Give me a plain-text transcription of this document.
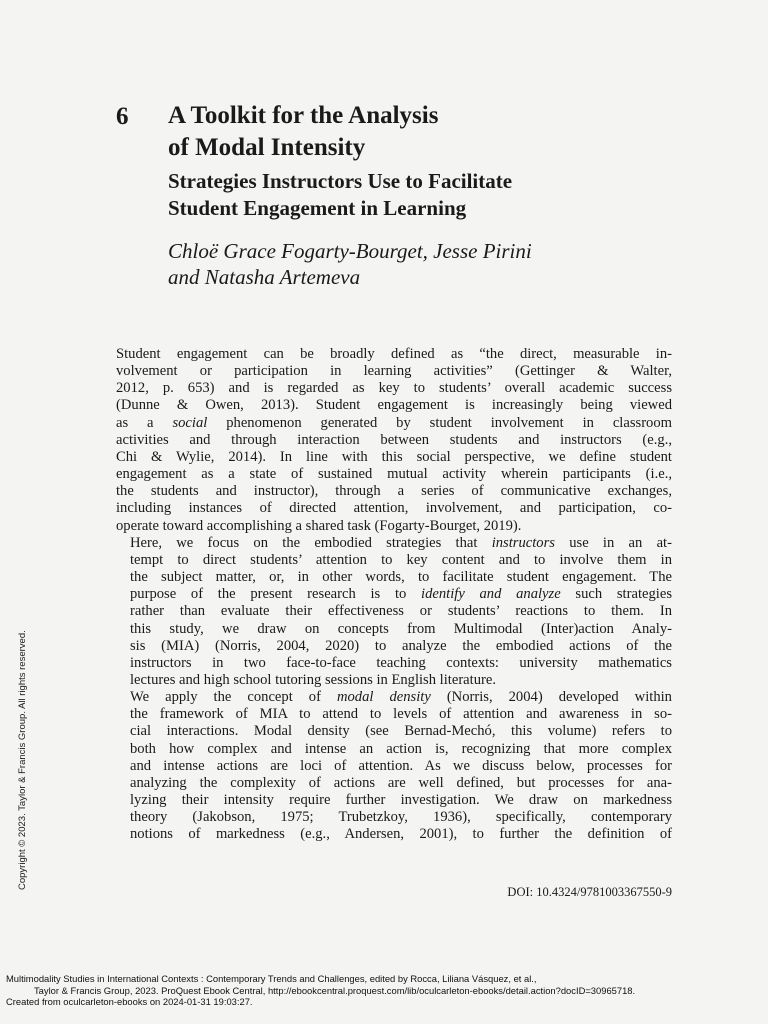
6 A Toolkit for the Analysis
of Modal Intensity
Strategies Instructors Use to Facilitate
Student Engagement in Learning
Chloë Grace Fogarty-Bourget, Jesse Pirini
and Natasha Artemeva

Student engagement can be broadly defined as “the direct, measurable in-
volvement or participation in learning activities” (Gettinger & Walter,
2012, p. 653) and is regarded as key to students’ overall academic success
(Dunne & Owen, 2013). Student engagement is increasingly being viewed
as a social phenomenon generated by student involvement in classroom
activities and through interaction between students and instructors (e.g.,
Chi & Wylie, 2014). In line with this social perspective, we define student
engagement as a state of sustained mutual activity wherein participants (i.e.,
the students and instructor), through a series of communicative exchanges,
including instances of directed attention, involvement, and participation, co-
operate toward accomplishing a shared task (Fogarty-Bourget, 2019).

Here, we focus on the embodied strategies that instructors use in an at-
tempt to direct students’ attention to key content and to involve them in
the subject matter, or, in other words, to facilitate student engagement. The
purpose of the present research is to identify and analyze such strategies
rather than evaluate their effectiveness or students’ reactions to them. In
this study, we draw on concepts from Multimodal (Inter)action Analy-
sis (MIA) (Norris, 2004, 2020) to analyze the embodied actions of the
instructors in two face-to-face teaching contexts: university mathematics
lectures and high school tutoring sessions in English literature.

We apply the concept of modal density (Norris, 2004) developed within
the framework of MIA to attend to levels of attention and awareness in so-
cial interactions. Modal density (see Bernad-Mechó, this volume) refers to
both how complex and intense an action is, recognizing that more complex
and intense actions are loci of attention. As we discuss below, processes for
analyzing the complexity of actions are well defined, but processes for ana-
lyzing their intensity require further investigation. We draw on markedness
theory (Jakobson, 1975; Trubetzkoy, 1936), specifically, contemporary
notions of markedness (e.g., Andersen, 2001), to further the definition of

DOI: 10.4324/9781003367550-9
Copyright © 2023. Taylor & Francis Group. All rights reserved.
Multimodality Studies in International Contexts : Contemporary Trends and Challenges, edited by Rocca, Liliana Vásquez, et al.,
Taylor & Francis Group, 2023. ProQuest Ebook Central, http://ebookcentral.proquest.com/lib/oculcarleton-ebooks/detail.action?docID=30965718.
Created from oculcarleton-ebooks on 2024-01-31 19:03:27.
